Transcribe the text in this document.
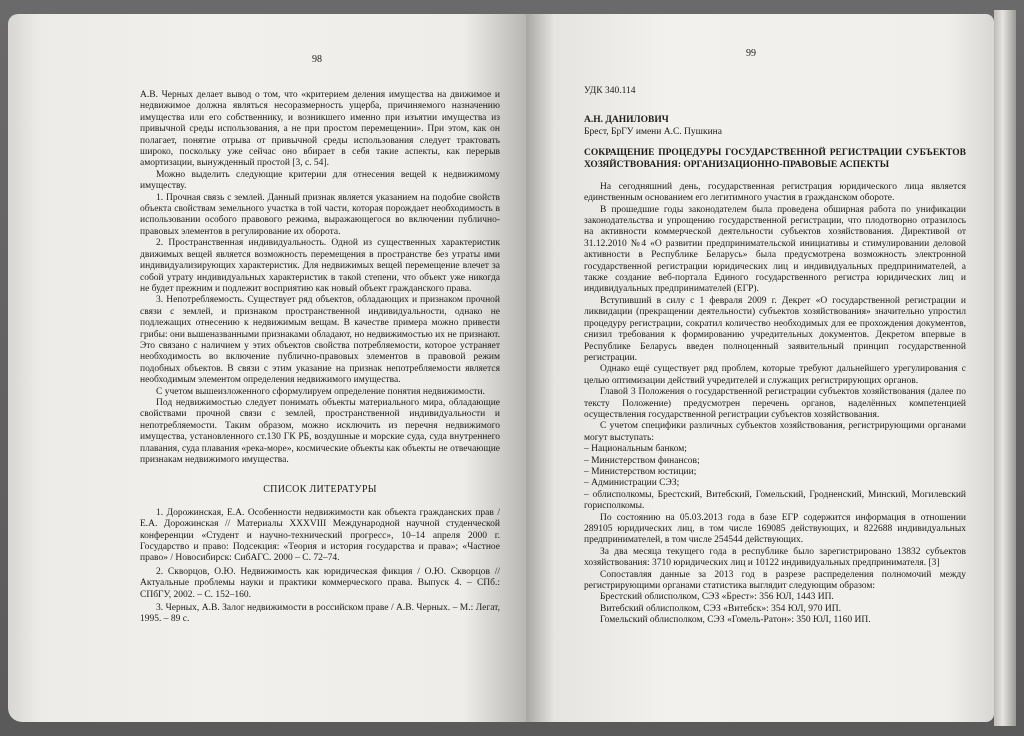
98

А.В. Черных делает вывод о том, что «критерием деления имущества на движимое и недвижимое должна являться несоразмерность ущерба, причиняемого назначению имущества или его собственнику, и возникшего именно при изъятии имущества из привычной среды использования, а не при простом перемещении». При этом, как он полагает, понятие отрыва от привычной среды использования следует трактовать широко, поскольку уже сейчас оно вбирает в себя такие аспекты, как перерыв амортизации, вынужденный простой [3, с. 54].

Можно выделить следующие критерии для отнесения вещей к недвижимому имуществу.

1. Прочная связь с землей. Данный признак является указанием на подобие свойств объекта свойствам земельного участка в той части, которая порождает необходимость в использовании особого правового режима, выражающегося во включении публично-правовых элементов в регулирование их оборота.

2. Пространственная индивидуальность. Одной из существенных характеристик движимых вещей является возможность перемещения в пространстве без утраты ими индивидуализирующих характеристик. Для недвижимых вещей перемещение влечет за собой утрату индивидуальных характеристик в такой степени, что объект уже никогда не будет прежним и подлежит восприятию как новый объект гражданского права.

3. Непотребляемость. Существует ряд объектов, обладающих и признаком прочной связи с землей, и признаком пространственной индивидуальности, однако не подлежащих отнесению к недвижимым вещам. В качестве примера можно привести грибы: они вышеназванными признаками обладают, но недвижимостью их не признают. Это связано с наличием у этих объектов свойства потребляемости, которое устраняет необходимость во включение публично-правовых элементов в правовой режим подобных объектов. В связи с этим указание на признак непотребляемости является необходимым элементом определения недвижимого имущества.

С учетом вышеизложенного сформулируем определение понятия недвижимости.

Под недвижимостью следует понимать объекты материального мира, обладающие свойствами прочной связи с землей, пространственной индивидуальности и непотребляемости. Таким образом, можно исключить из перечня недвижимого имущества, установленного ст.130 ГК РБ, воздушные и морские суда, суда внутреннего плавания, суда плавания «река-море», космические объекты как объекты не отвечающие признакам недвижимого имущества.

СПИСОК ЛИТЕРАТУРЫ

1. Дорожинская, Е.А. Особенности недвижимости как объекта гражданских прав / Е.А. Дорожинская // Материалы XXXVIII Международной научной студенческой конференции «Студент и научно-технический прогресс», 10–14 апреля 2000 г. Государство и право: Подсекция: «Теория и история государства и права»; «Частное право» / Новосибирск: СибАГС. 2000 – С. 72–74.

2. Скворцов, О.Ю. Недвижимость как юридическая фикция / О.Ю. Скворцов // Актуальные проблемы науки и практики коммерческого права. Выпуск 4. – СПб.: СПбГУ, 2002. – С. 152–160.

3. Черных, А.В. Залог недвижимости в российском праве / А.В. Черных. – М.: Легат, 1995. – 89 с.

99

УДК 340.114

А.Н. ДАНИЛОВИЧ

Брест, БрГУ имени А.С. Пушкина

СОКРАЩЕНИЕ ПРОЦЕДУРЫ ГОСУДАРСТВЕННОЙ РЕГИСТРАЦИИ СУБЪЕКТОВ ХОЗЯЙСТВОВАНИЯ: ОРГАНИЗАЦИОННО-ПРАВОВЫЕ АСПЕКТЫ

На сегодняшний день, государственная регистрация юридического лица является единственным основанием его легитимного участия в гражданском обороте.

В прошедшие годы законодателем была проведена обширная работа по унификации законодательства и упрощению государственной регистрации, что плодотворно отразилось на активности коммерческой деятельности субъектов хозяйствования. Директивой от 31.12.2010 №4 «О развитии предпринимательской инициативы и стимулировании деловой активности в Республике Беларусь» была предусмотрена возможность электронной государственной регистрации юридических лиц и индивидуальных предпринимателей, а также создание веб-портала Единого государственного регистра юридических лиц и индивидуальных предпринимателей (ЕГР).

Вступивший в силу с 1 февраля 2009 г. Декрет «О государственной регистрации и ликвидации (прекращении деятельности) субъектов хозяйствования» значительно упростил процедуру регистрации, сократил количество необходимых для ее прохождения документов, снизил требования к формированию учредительных документов. Декретом впервые в Республике Беларусь введен полноценный заявительный принцип государственной регистрации.

Однако ещё существует ряд проблем, которые требуют дальнейшего урегулирования с целью оптимизации действий учредителей и служащих регистрирующих органов.

Главой 3 Положения о государственной регистрации субъектов хозяйствования (далее по тексту Положение) предусмотрен перечень органов, наделённых компетенцией осуществления государственной регистрации субъектов хозяйствования.

С учетом специфики различных субъектов хозяйствования, регистрирующими органами могут выступать:

– Национальным банком;

– Министерством финансов;

– Министерством юстиции;

– Администрации СЭЗ;

– облисполкомы, Брестский, Витебский, Гомельский, Гродненский, Минский, Могилевский горисполкомы.

По состоянию на 05.03.2013 года в базе ЕГР содержится информация в отношении 289105 юридических лиц, в том числе 169085 действующих, и 822688 индивидуальных предпринимателей, в том числе 254544 действующих.

За два месяца текущего года в республике было зарегистрировано 13832 субъектов хозяйствования: 3710 юридических лиц и 10122 индивидуальных предпринимателя. [3]

Сопоставляя данные за 2013 год в разрезе распределения полномочий между регистрирующими органами статистика выглядит следующим образом:

Брестский облисполком, СЭЗ «Брест»: 356 ЮЛ, 1443 ИП.

Витебский облисполком, СЭЗ «Витебск»: 354 ЮЛ, 970 ИП.

Гомельский облисполком, СЭЗ «Гомель-Ратон»: 350 ЮЛ, 1160 ИП.
